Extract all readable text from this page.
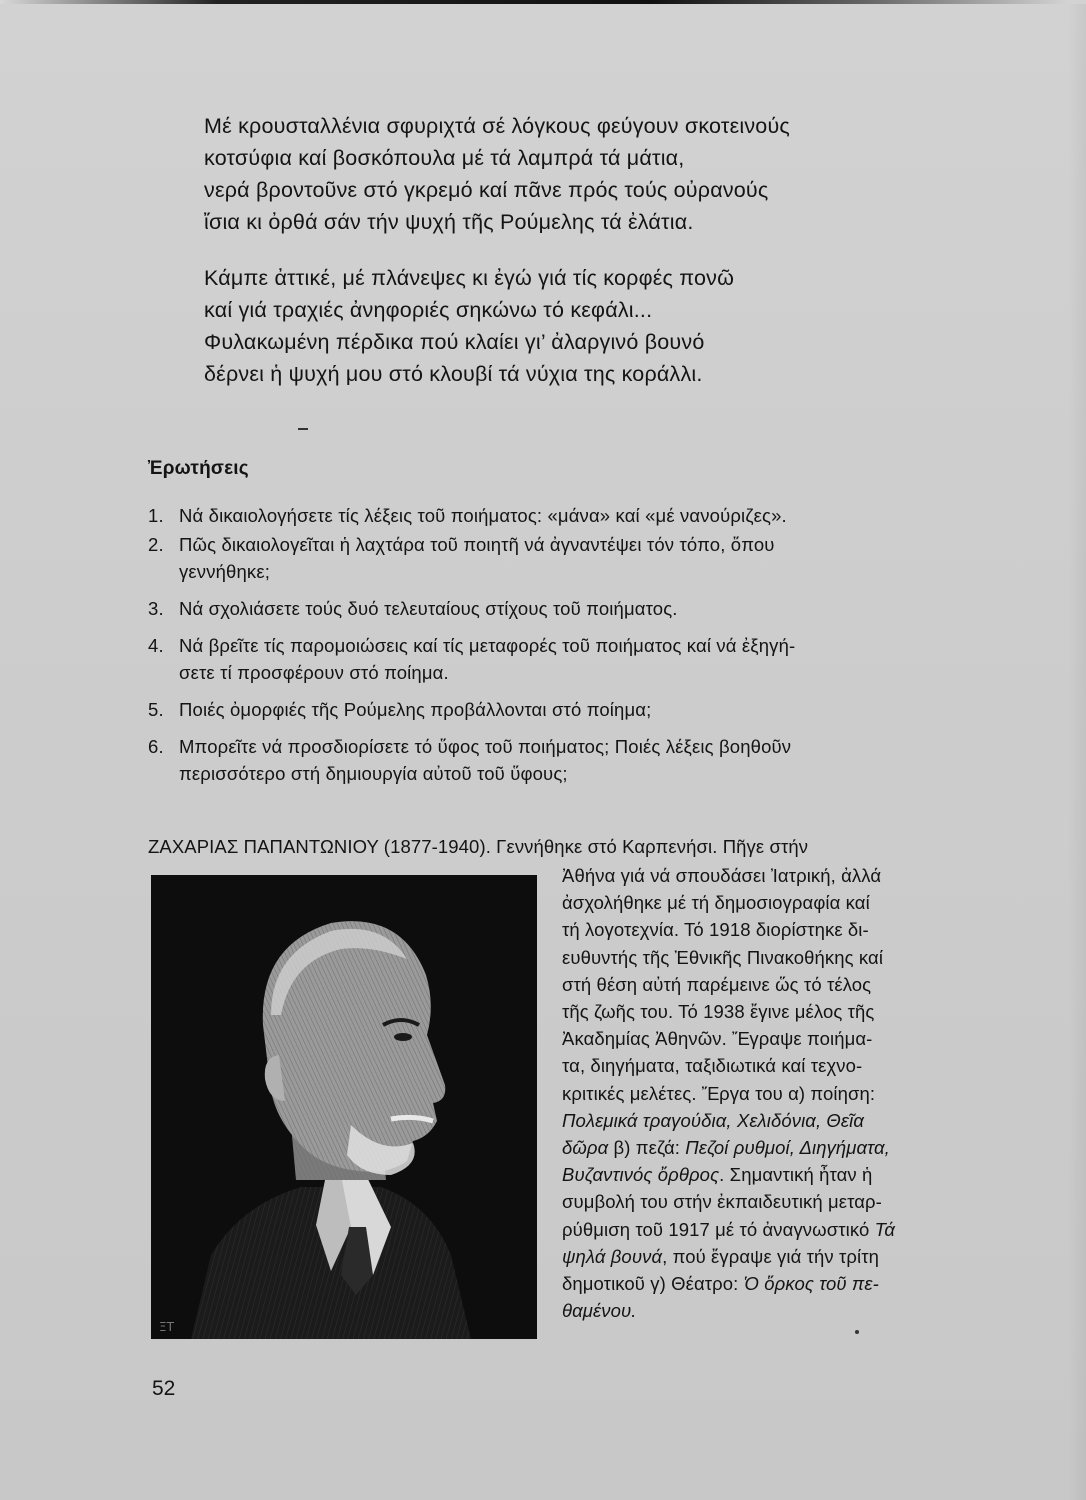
Μέ κρουσταλλένια σφυριχτά σέ λόγκους φεύγουν σκοτεινούς
κοτσύφια καί βοσκόπουλα μέ τά λαμπρά τά μάτια,
νερά βροντοῦνε στό γκρεμό καί πᾶνε πρός τούς οὐρανούς
ἴσια κι ὀρθά σάν τήν ψυχή τῆς Ρούμελης τά ἐλάτια.
Κάμπε ἀττικέ, μέ πλάνεψες κι ἐγώ γιά τίς κορφές πονῶ
καί γιά τραχιές ἀνηφοριές σηκώνω τό κεφάλι...
Φυλακωμένη πέρδικα πού κλαίει γι’ ἀλαργινό βουνό
δέρνει ἡ ψυχή μου στό κλουβί τά νύχια της κοράλλι.
Ἐρωτήσεις
1. Νά δικαιολογήσετε τίς λέξεις τοῦ ποιήματος: «μάνα» καί «μέ νανούριζες».
2. Πῶς δικαιολογεῖται ἡ λαχτάρα τοῦ ποιητῆ νά ἀγναντέψει τόν τόπο, ὅπου
γεννήθηκε;
3. Νά σχολιάσετε τούς δυό τελευταίους στίχους τοῦ ποιήματος.
4. Νά βρεῖτε τίς παρομοιώσεις καί τίς μεταφορές τοῦ ποιήματος καί νά ἐξηγή-
σετε τί προσφέρουν στό ποίημα.
5. Ποιές ὀμορφιές τῆς Ρούμελης προβάλλονται στό ποίημα;
6. Μπορεῖτε νά προσδιορίσετε τό ὕφος τοῦ ποιήματος; Ποιές λέξεις βοηθοῦν
περισσότερο στή δημιουργία αὐτοῦ τοῦ ὕφους;
ΖΑΧΑΡΙΑΣ ΠΑΠΑΝΤΩΝΙΟΥ (1877-1940). Γεννήθηκε στό Καρπενήσι. Πῆγε στήν
ΞΤ
Ἀθήνα γιά νά σπουδάσει Ἰατρική, ἀλλά
ἀσχολήθηκε μέ τή δημοσιογραφία καί
τή λογοτεχνία. Τό 1918 διορίστηκε δι-
ευθυντής τῆς Ἐθνικῆς Πινακοθήκης καί
στή θέση αὐτή παρέμεινε ὥς τό τέλος
τῆς ζωῆς του. Τό 1938 ἔγινε μέλος τῆς
Ἀκαδημίας Ἀθηνῶν. Ἔγραψε ποιήμα-
τα, διηγήματα, ταξιδιωτικά καί τεχνο-
κριτικές μελέτες. Ἔργα του α) ποίηση:
Πολεμικά τραγούδια, Χελιδόνια, Θεῖα
δῶρα β) πεζά: Πεζοί ρυθμοί, Διηγήματα,
Βυζαντινός ὄρθρος. Σημαντική ἦταν ἡ
συμβολή του στήν ἐκπαιδευτική μεταρ-
ρύθμιση τοῦ 1917 μέ τό ἀναγνωστικό Τά
ψηλά βουνά, πού ἔγραψε γιά τήν τρίτη
δημοτικοῦ γ) Θέατρο: Ὁ ὅρκος τοῦ πε-
θαμένου.
52
